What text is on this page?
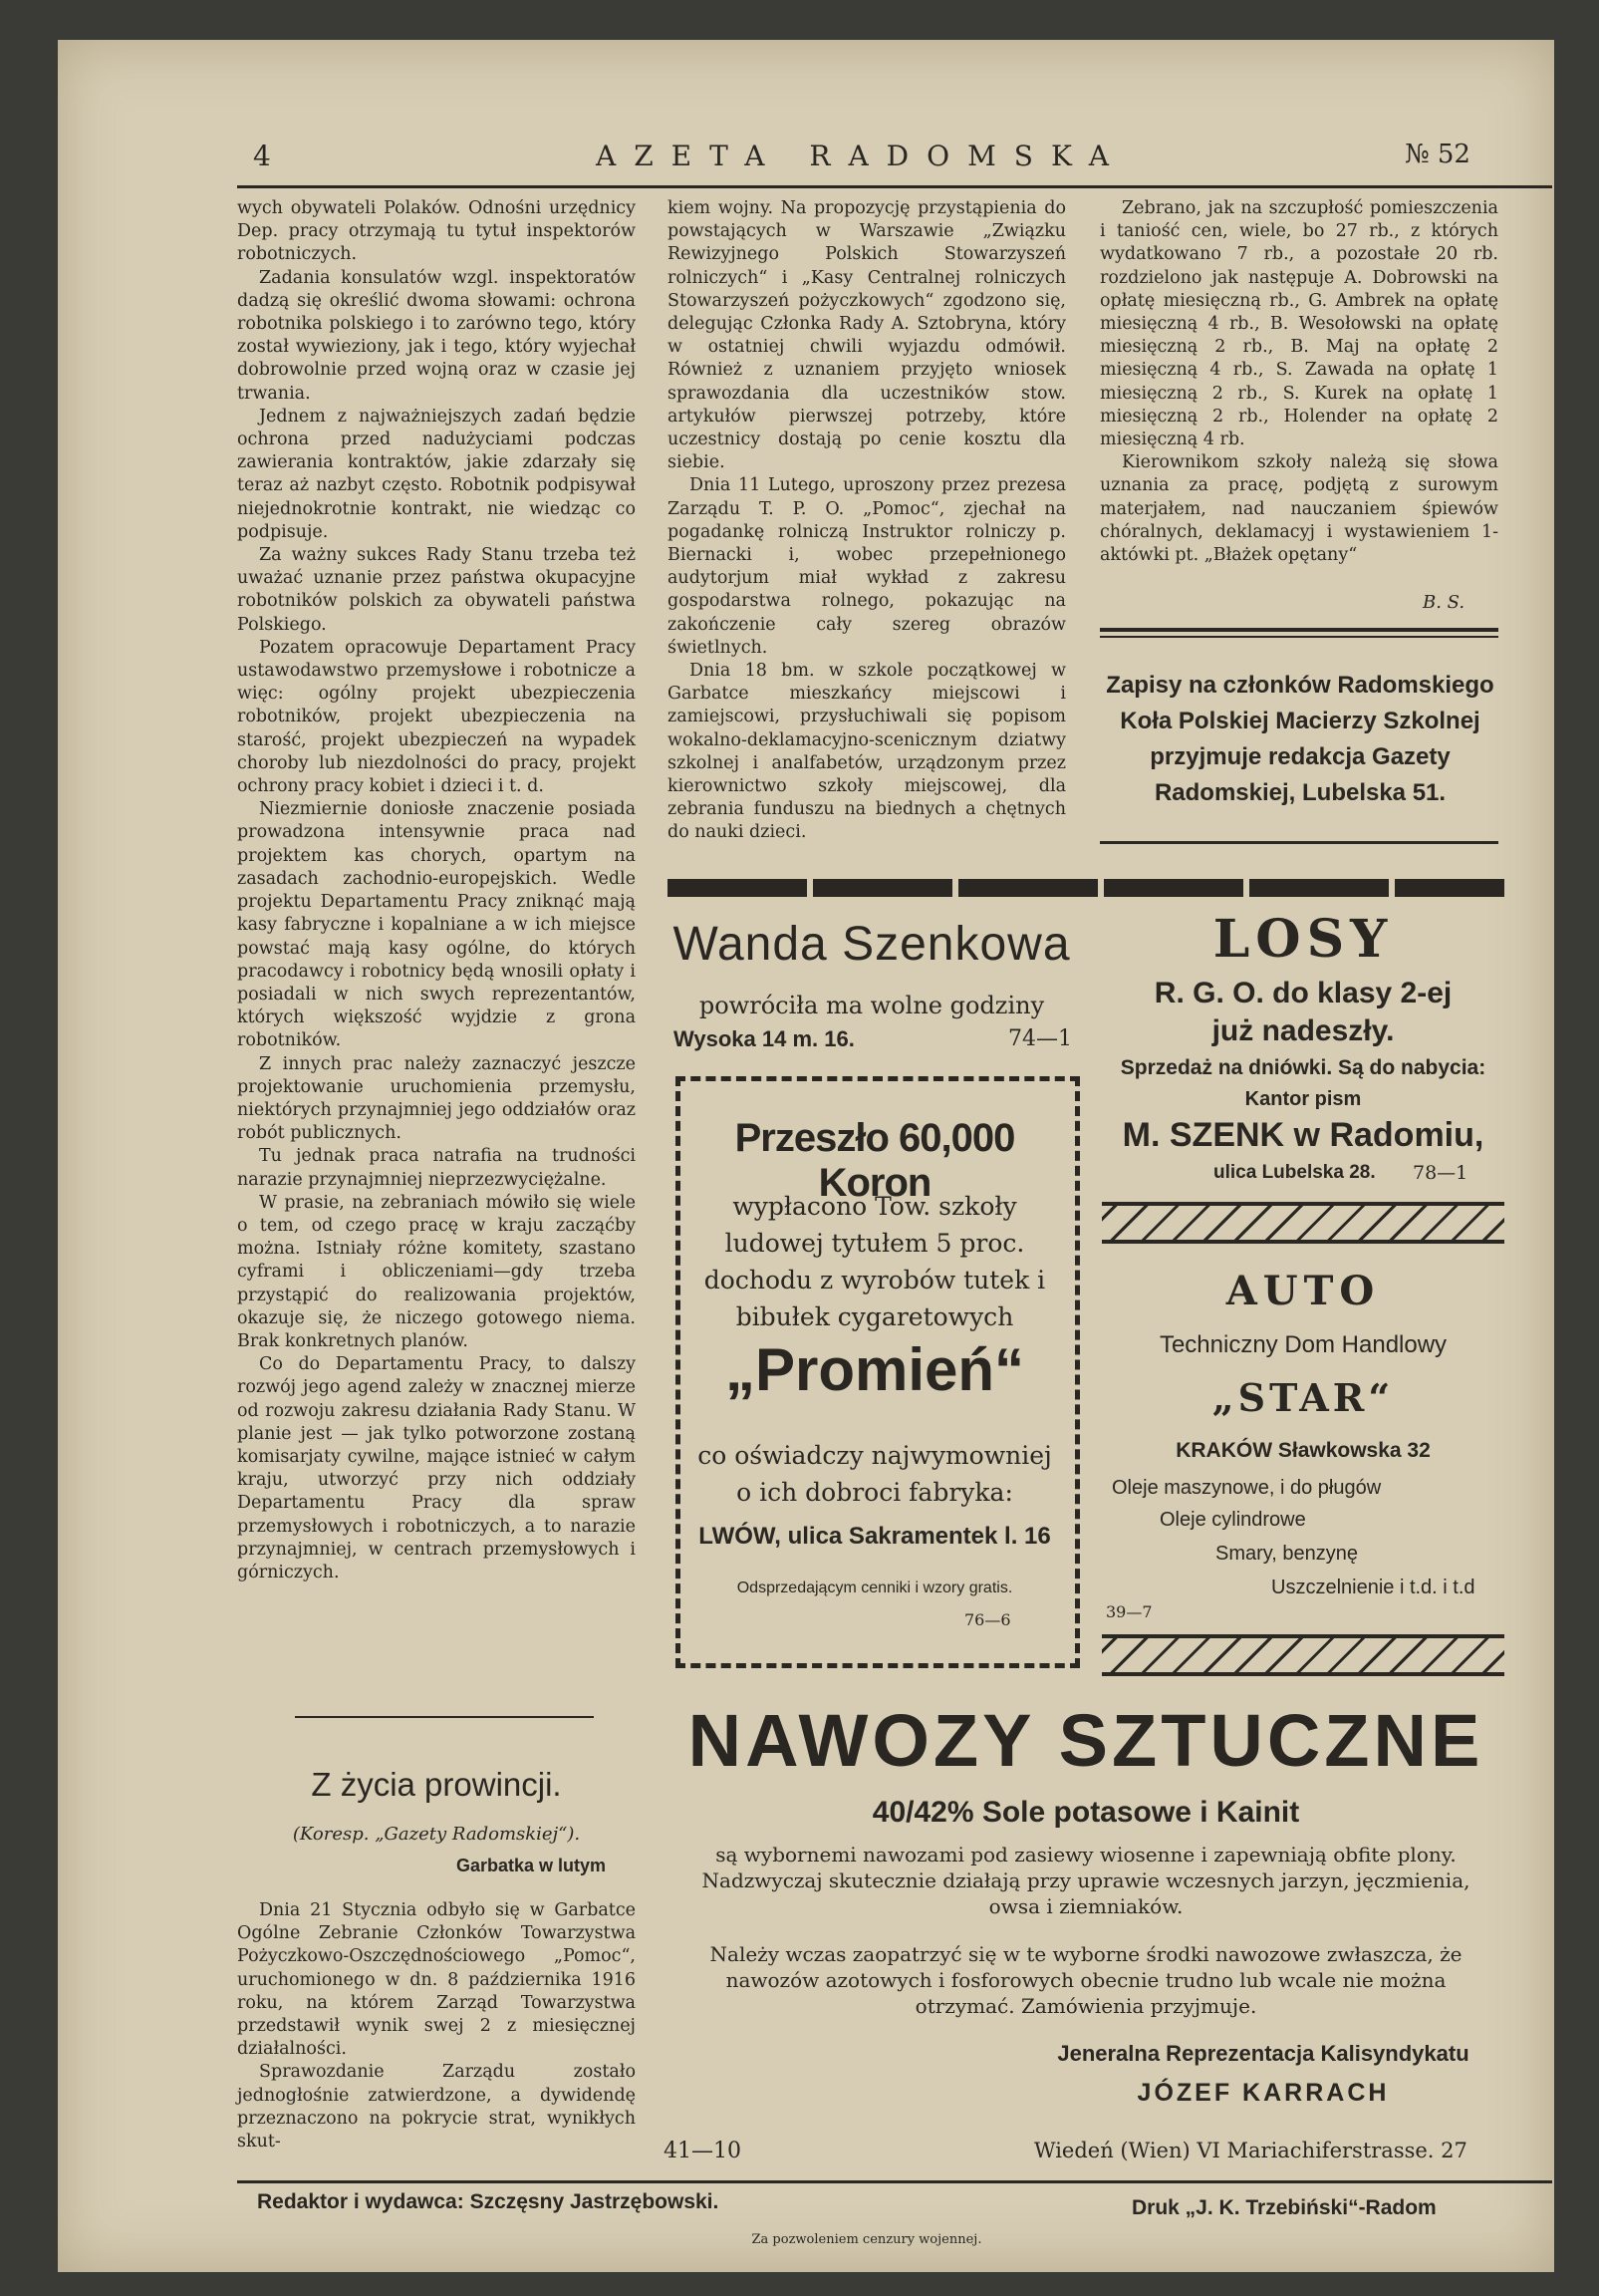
4	AZETA RADOMSKA	№ 52

wych obywateli Polaków. Odnośni urzędnicy Dep. pracy otrzymają tu tytuł inspektorów robotniczych.

Zadania konsulatów wzgl. inspektoratów dadzą się określić dwoma słowami: ochrona robotnika polskiego i to zarówno tego, który został wywieziony, jak i tego, który wyjechał dobrowolnie przed wojną oraz w czasie jej trwania.

Jednem z najważniejszych zadań będzie ochrona przed nadużyciami podczas zawierania kontraktów, jakie zdarzały się teraz aż nazbyt często. Robotnik podpisywał niejednokrotnie kontrakt, nie wiedząc co podpisuje.

Za ważny sukces Rady Stanu trzeba też uważać uznanie przez państwa okupacyjne robotników polskich za obywateli państwa Polskiego.

Pozatem opracowuje Departament Pracy ustawodawstwo przemysłowe i robotnicze a więc: ogólny projekt ubezpieczenia robotników, projekt ubezpieczenia na starość, projekt ubezpieczeń na wypadek choroby lub niezdolności do pracy, projekt ochrony pracy kobiet i dzieci i t. d.

Niezmiernie doniosłe znaczenie posiada prowadzona intensywnie praca nad projektem kas chorych, opartym na zasadach zachodnio-europejskich. Wedle projektu Departamentu Pracy zniknąć mają kasy fabryczne i kopalniane a w ich miejsce powstać mają kasy ogólne, do których pracodawcy i robotnicy będą wnosili opłaty i posiadali w nich swych reprezentantów, których większość wyjdzie z grona robotników.

Z innych prac należy zaznaczyć jeszcze projektowanie uruchomienia przemysłu, niektórych przynajmniej jego oddziałów oraz robót publicznych.

Tu jednak praca natrafia na trudności narazie przynajmniej nieprzezwyciężalne.

W prasie, na zebraniach mówiło się wiele o tem, od czego pracę w kraju zacząćby można. Istniały różne komitety, szastano cyframi i obliczeniami—gdy trzeba przystąpić do realizowania projektów, okazuje się, że niczego gotowego niema. Brak konkretnych planów.

Co do Departamentu Pracy, to dalszy rozwój jego agend zależy w znacznej mierze od rozwoju zakresu działania Rady Stanu. W planie jest — jak tylko potworzone zostaną komisarjaty cywilne, mające istnieć w całym kraju, utworzyć przy nich oddziały Departamentu Pracy dla spraw przemysłowych i robotniczych, a to narazie przynajmniej, w centrach przemysłowych i górniczych.

Z życia prowincji.
(Koresp. „Gazety Radomskiej“).
Garbatka w lutym

Dnia 21 Stycznia odbyło się w Garbatce Ogólne Zebranie Członków Towarzystwa Pożyczkowo-Oszczędnościowego „Pomoc“, uruchomionego w dn. 8 października 1916 roku, na którem Zarząd Towarzystwa przedstawił wynik swej 2 z miesięcznej działalności.

Sprawozdanie Zarządu zostało jednogłośnie zatwierdzone, a dywidendę przeznaczono na pokrycie strat, wynikłych skut-

kiem wojny. Na propozycję przystąpienia do powstających w Warszawie „Związku Rewizyjnego Polskich Stowarzyszeń rolniczych“ i „Kasy Centralnej rolniczych Stowarzyszeń pożyczkowych“ zgodzono się, delegując Członka Rady A. Sztobryna, który w ostatniej chwili wyjazdu odmówił. Również z uznaniem przyjęto wniosek sprawozdania dla uczestników stow. artykułów pierwszej potrzeby, które uczestnicy dostają po cenie kosztu dla siebie.

Dnia 11 Lutego, uproszony przez prezesa Zarządu T. P. O. „Pomoc“, zjechał na pogadankę rolniczą Instruktor rolniczy p. Biernacki i, wobec przepełnionego audytorjum miał wykład z zakresu gospodarstwa rolnego, pokazując na zakończenie cały szereg obrazów świetlnych.

Dnia 18 bm. w szkole początkowej w Garbatce mieszkańcy miejscowi i zamiejscowi, przysłuchiwali się popisom wokalno-deklamacyjno-scenicznym dziatwy szkolnej i analfabetów, urządzonym przez kierownictwo szkoły miejscowej, dla zebrania funduszu na biednych a chętnych do nauki dzieci.

Zebrano, jak na szczupłość pomieszczenia i taniość cen, wiele, bo 27 rb., z których wydatkowano 7 rb., a pozostałe 20 rb. rozdzielono jak następuje A. Dobrowski na opłatę miesięczną rb., G. Ambrek na opłatę miesięczną 4 rb., B. Wesołowski na opłatę miesięczną 2 rb., B. Maj na opłatę 2 miesięczną 4 rb., S. Zawada na opłatę 1 miesięczną 2 rb., S. Kurek na opłatę 1 miesięczną 2 rb., Holender na opłatę 2 miesięczną 4 rb.

Kierownikom szkoły należą się słowa uznania za pracę, podjętą z surowym materjałem, nad nauczaniem śpiewów chóralnych, deklamacyj i wystawieniem 1-aktówki pt. „Błażek opętany“

B. S.
Zapisy na członków Radomskiego Koła Polskiej Macierzy Szkolnej przyjmuje redakcja Gazety Radomskiej, Lubelska 51.
Wanda Szenkowa
powróciła ma wolne godziny
Wysoka 14 m. 16.	74—1
Przeszło 60,000 Koron
wypłacono Tow. szkoły ludowej tytułem 5 proc. dochodu z wyrobów tutek i bibułek cygaretowych
„Promień“
co oświadczy najwymowniej o ich dobroci fabryka:
LWÓW, ulica Sakramentek l. 16
Odsprzedającym cenniki i wzory gratis.
76—6
LOSY
R. G. O. do klasy 2-ej
już nadeszły.
Sprzedaż na dniówki. Są do nabycia:
Kantor pism
M. SZENK w Radomiu,
ulica Lubelska 28. 78—1
AUTO
Techniczny Dom Handlowy
„STAR“
KRAKÓW Sławkowska 32
Oleje maszynowe, i do pługów
Oleje cylindrowe
Smary, benzynę
Uszczelnienie i t.d. i t.d
39—7
NAWOZY SZTUCZNE
40/42% Sole potasowe i Kainit
są wybornemi nawozami pod zasiewy wiosenne i zapewniają obfite plony. Nadzwyczaj skutecznie działają przy uprawie wczesnych jarzyn, jęczmienia, owsa i ziemniaków.
Należy wczas zaopatrzyć się w te wyborne środki nawozowe zwłaszcza, że nawozów azotowych i fosforowych obecnie trudno lub wcale nie można otrzymać. Zamówienia przyjmuje.
Jeneralna Reprezentacja Kalisyndykatu
JÓZEF KARRACH
41—10	Wiedeń (Wien) VI Mariachiferstrasse. 27
Redaktor i wydawca: Szczęsny Jastrzębowski.	Druk „J. K. Trzebiński“-Radom
Za pozwoleniem cenzury wojennej.
